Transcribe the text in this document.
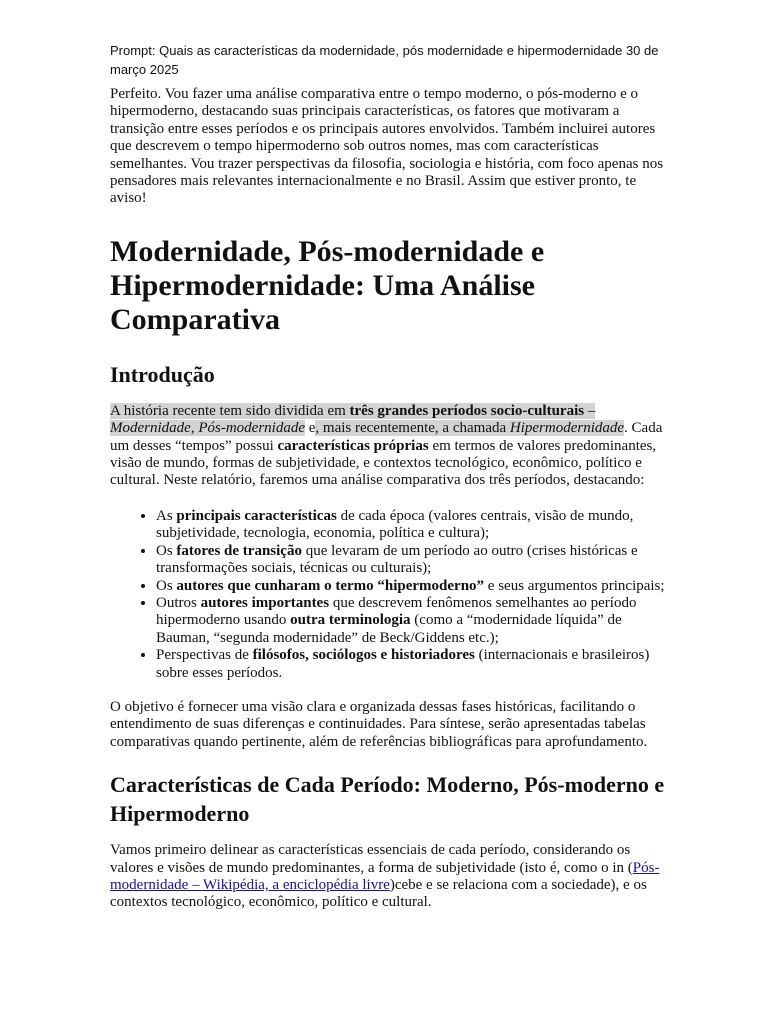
Prompt: Quais as características da modernidade, pós modernidade e hipermodernidade 30 de março 2025

Perfeito. Vou fazer uma análise comparativa entre o tempo moderno, o pós-moderno e o hipermoderno, destacando suas principais características, os fatores que motivaram a transição entre esses períodos e os principais autores envolvidos. Também incluirei autores que descrevem o tempo hipermoderno sob outros nomes, mas com características semelhantes. Vou trazer perspectivas da filosofia, sociologia e história, com foco apenas nos pensadores mais relevantes internacionalmente e no Brasil. Assim que estiver pronto, te aviso!

Modernidade, Pós-modernidade e Hipermodernidade: Uma Análise Comparativa
Introdução

A história recente tem sido dividida em três grandes períodos socio-culturais – Modernidade, Pós-modernidade e, mais recentemente, a chamada Hipermodernidade. Cada um desses “tempos” possui características próprias em termos de valores predominantes, visão de mundo, formas de subjetividade, e contextos tecnológico, econômico, político e cultural. Neste relatório, faremos uma análise comparativa dos três períodos, destacando:

• As principais características de cada época (valores centrais, visão de mundo, subjetividade, tecnologia, economia, política e cultura);
• Os fatores de transição que levaram de um período ao outro (crises históricas e transformações sociais, técnicas ou culturais);
• Os autores que cunharam o termo “hipermoderno” e seus argumentos principais;
• Outros autores importantes que descrevem fenômenos semelhantes ao período hipermoderno usando outra terminologia (como a “modernidade líquida” de Bauman, “segunda modernidade” de Beck/Giddens etc.);
• Perspectivas de filósofos, sociólogos e historiadores (internacionais e brasileiros) sobre esses períodos.

O objetivo é fornecer uma visão clara e organizada dessas fases históricas, facilitando o entendimento de suas diferenças e continuidades. Para síntese, serão apresentadas tabelas comparativas quando pertinente, além de referências bibliográficas para aprofundamento.

Características de Cada Período: Moderno, Pós-moderno e Hipermoderno

Vamos primeiro delinear as características essenciais de cada período, considerando os valores e visões de mundo predominantes, a forma de subjetividade (isto é, como o in (Pós-modernidade – Wikipédia, a enciclopédia livre)cebe e se relaciona com a sociedade), e os contextos tecnológico, econômico, político e cultural.
